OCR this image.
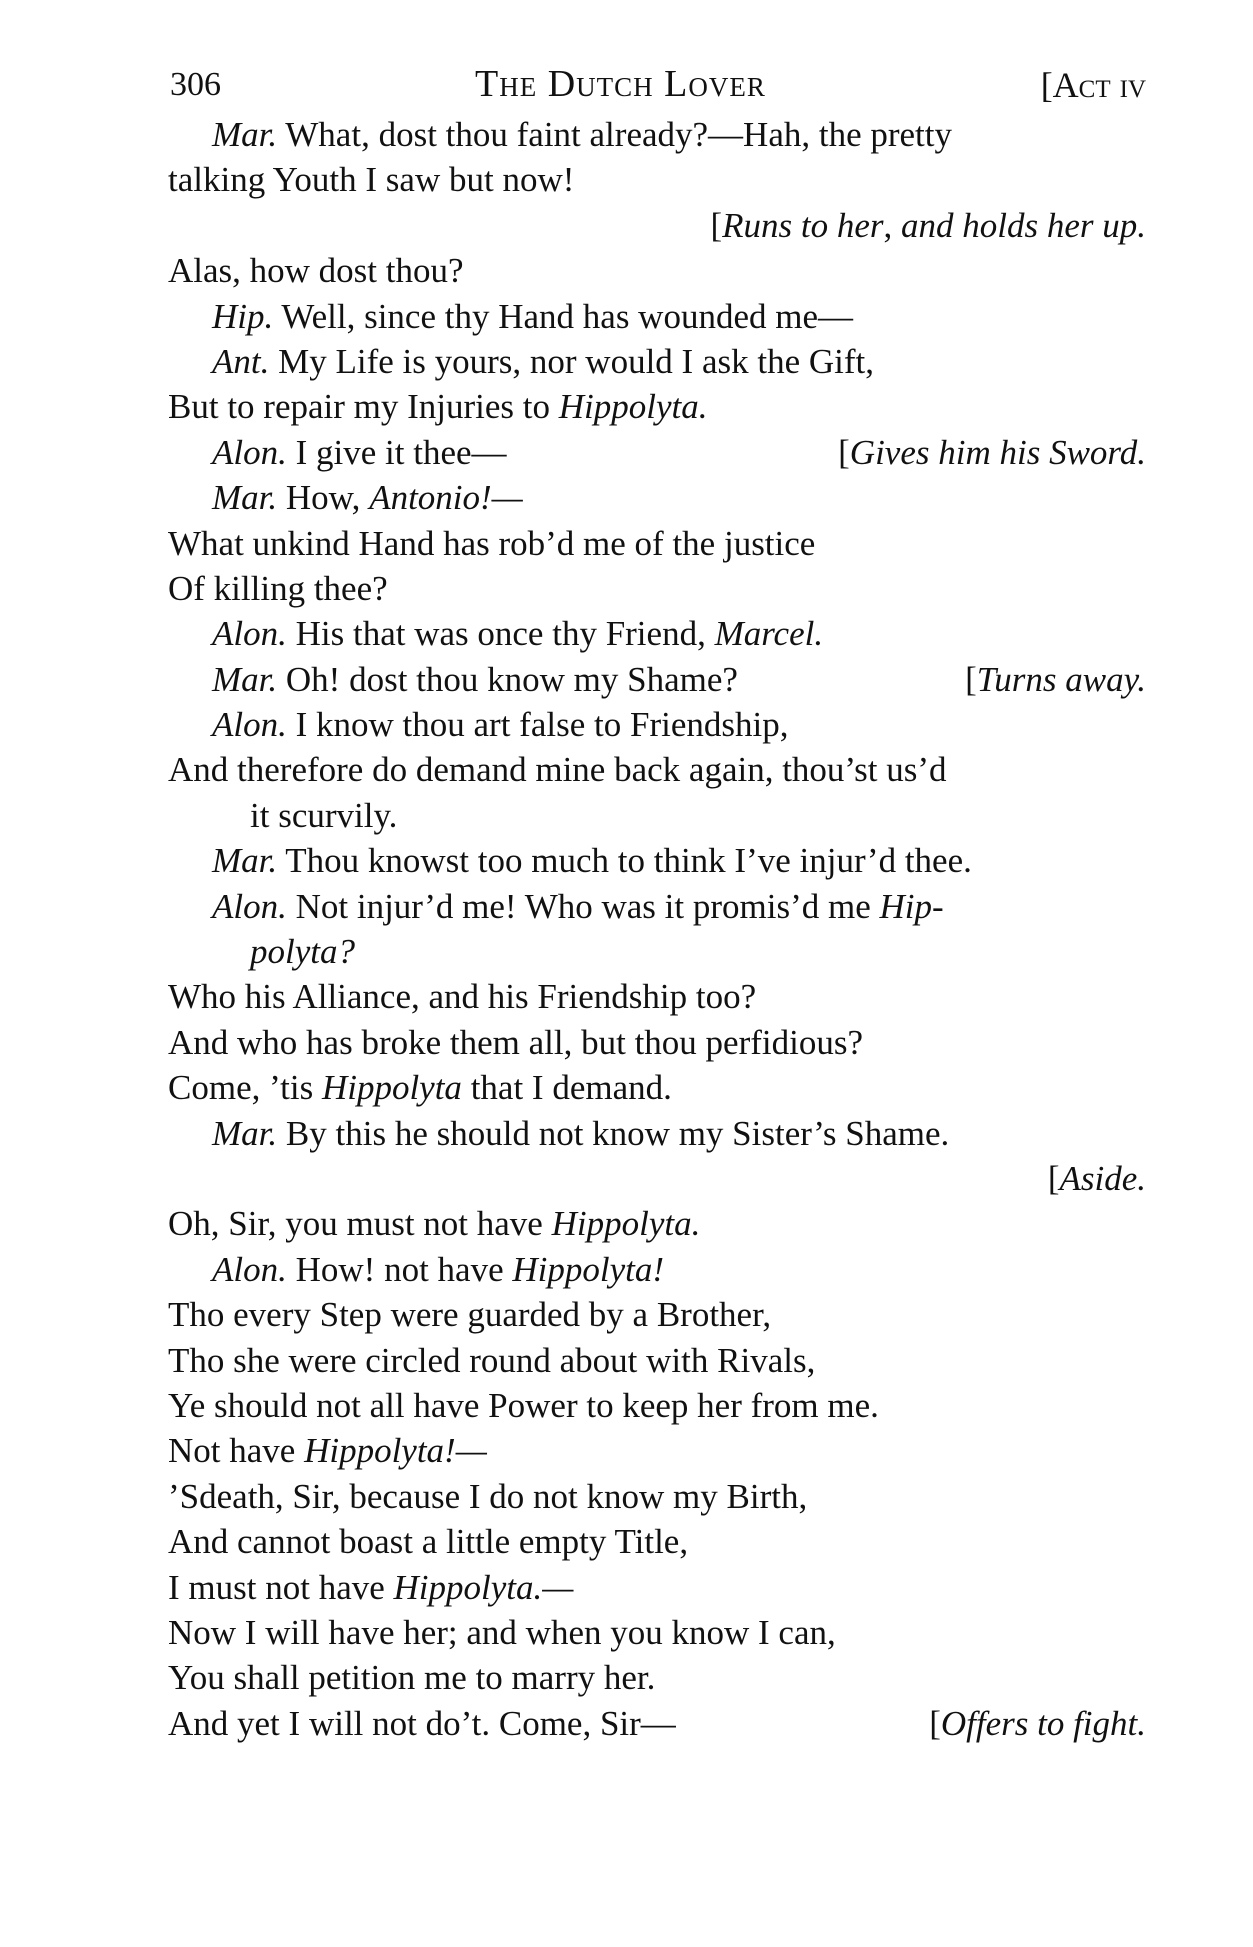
306	The Dutch Lover	[Act iv
Mar. What, dost thou faint already?—Hah, the pretty
talking Youth I saw but now!
[Runs to her, and holds her up.
Alas, how dost thou?
Hip. Well, since thy Hand has wounded me—
Ant. My Life is yours, nor would I ask the Gift,
But to repair my Injuries to Hippolyta.
Alon. I give it thee—	[Gives him his Sword.
Mar. How, Antonio!—
What unkind Hand has rob’d me of the justice
Of killing thee?
Alon. His that was once thy Friend, Marcel.
Mar. Oh! dost thou know my Shame?	[Turns away.
Alon. I know thou art false to Friendship,
And therefore do demand mine back again, thou’st us’d
it scurvily.
Mar. Thou knowst too much to think I’ve injur’d thee.
Alon. Not injur’d me! Who was it promis’d me Hip-
polyta?
Who his Alliance, and his Friendship too?
And who has broke them all, but thou perfidious?
Come, ’tis Hippolyta that I demand.
Mar. By this he should not know my Sister’s Shame.
[Aside.
Oh, Sir, you must not have Hippolyta.
Alon. How! not have Hippolyta!
Tho every Step were guarded by a Brother,
Tho she were circled round about with Rivals,
Ye should not all have Power to keep her from me.
Not have Hippolyta!—
’Sdeath, Sir, because I do not know my Birth,
And cannot boast a little empty Title,
I must not have Hippolyta.—
Now I will have her; and when you know I can,
You shall petition me to marry her.
And yet I will not do’t. Come, Sir—	[Offers to fight.
